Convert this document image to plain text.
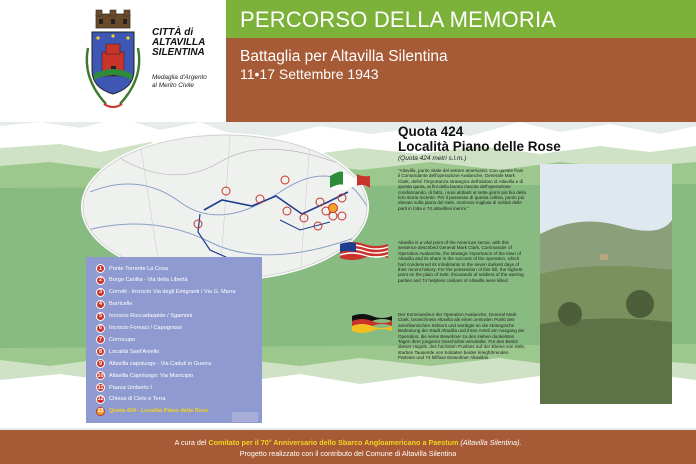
CITTÀ di
ALTAVILLA
SILENTINA
Medaglia d'Argento
al Merito Civile
PERCORSO DELLA MEMORIA
Battaglia per Altavilla Silentina
11•17 Settembre 1943
1	Ponte Torrente La Cosa
2	Borgo Carillia - Via della Libertà
3	Cerrelli - Incrocio Via degli Emigranti / Via G. Marra
4	Barricelle
5	Incrocio Roccadaspide / Sgamoni
6	Incrocio Fornaci / Capograssi
7	Cerrocupo
8	Località Sant'Aniello
9	Altavilla capoluogo - Via Caduti in Guerra
10 Altavilla Capoluogo: Via Municipio
11 Piazza Umberto I
12 Chiesa di Cielo e Terra
13 Quota 424 - Località Piano delle Rose
Quota 424
Località Piano delle Rose
(Quota 424 metri s.l.m.)
"Altavilla, punto vitale del settore americano. Con queste frasi il Comandante dell'operazione Avalanche, Generale Mark Clark, definì l'importanza strategica dell'abitato di Altavilla e di questa quota, ai fini della buona riuscita dell'operazione condannando, di fatto, i suoi abitanti al sette giorni più bui della loro storia recente. Per il possesso di questa collina, punto più elevato sulla piana del Sele, morirono migliaia di soldati delle parti in lotta e 74 altavillesi inermi."
Altavilla is a vital point of the American sector, with this sentence described General Mark Clark, Commander of Operation Avalanche, the strategic importance of the town of Altavilla and its share in the success of the operation, which had condemned its inhabitants to the seven darkest days of their recent history. For the possession of this hill, the highest point on the plain of Sele, thousands of soldiers of the warring parties and 74 helpless civilians of Altavilla were killed.
Der Kommandeur der Operation Avalanche, General Mark Clark, bezeichnete Altavilla als einen zentralen Punkt des amerikanischen Sektors und würdigte so die strategische Bedeutung der Stadt Altavilla und ihren Anteil am Ausgang der Operation, die seine Bewohner zu den sieben dunkelsten Tagen ihrer jüngeren Geschichte verurteilte. Für den Besitz dieses Hügels, des höchsten Punktes auf der Ebene von Sele, starben Tausende von Soldaten beider kriegführenden Parteien und 74 hilflose Einwohner Altavillas.
A cura del Comitato per il 70° Anniversario dello Sbarco Angloamericano a Paestum (Altavilla Silentina).
Progetto realizzato con il contributo del Comune di Altavilla Silentina
